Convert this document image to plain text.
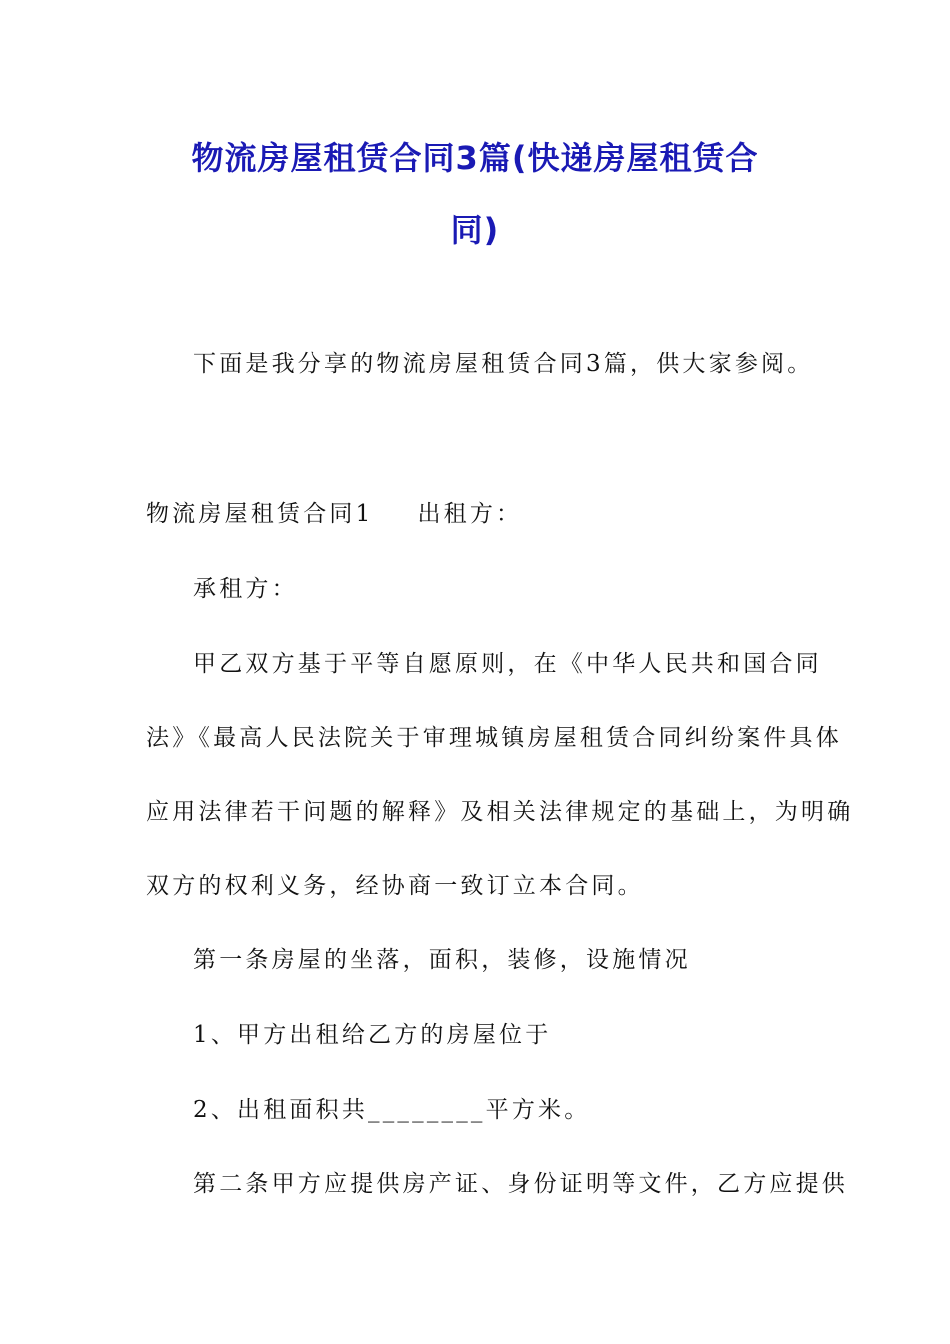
物流房屋租赁合同3篇(快递房屋租赁合
同)

下面是我分享的物流房屋租赁合同3篇，供大家参阅。

物流房屋租赁合同1 出租方：

承租方：

甲乙双方基于平等自愿原则，在《中华人民共和国合同

法》《最高人民法院关于审理城镇房屋租赁合同纠纷案件具体

应用法律若干问题的解释》及相关法律规定的基础上，为明确

双方的权利义务，经协商一致订立本合同。

第一条房屋的坐落，面积，装修，设施情况

1、甲方出租给乙方的房屋位于

2、出租面积共________平方米。

第二条甲方应提供房产证、身份证明等文件，乙方应提供
